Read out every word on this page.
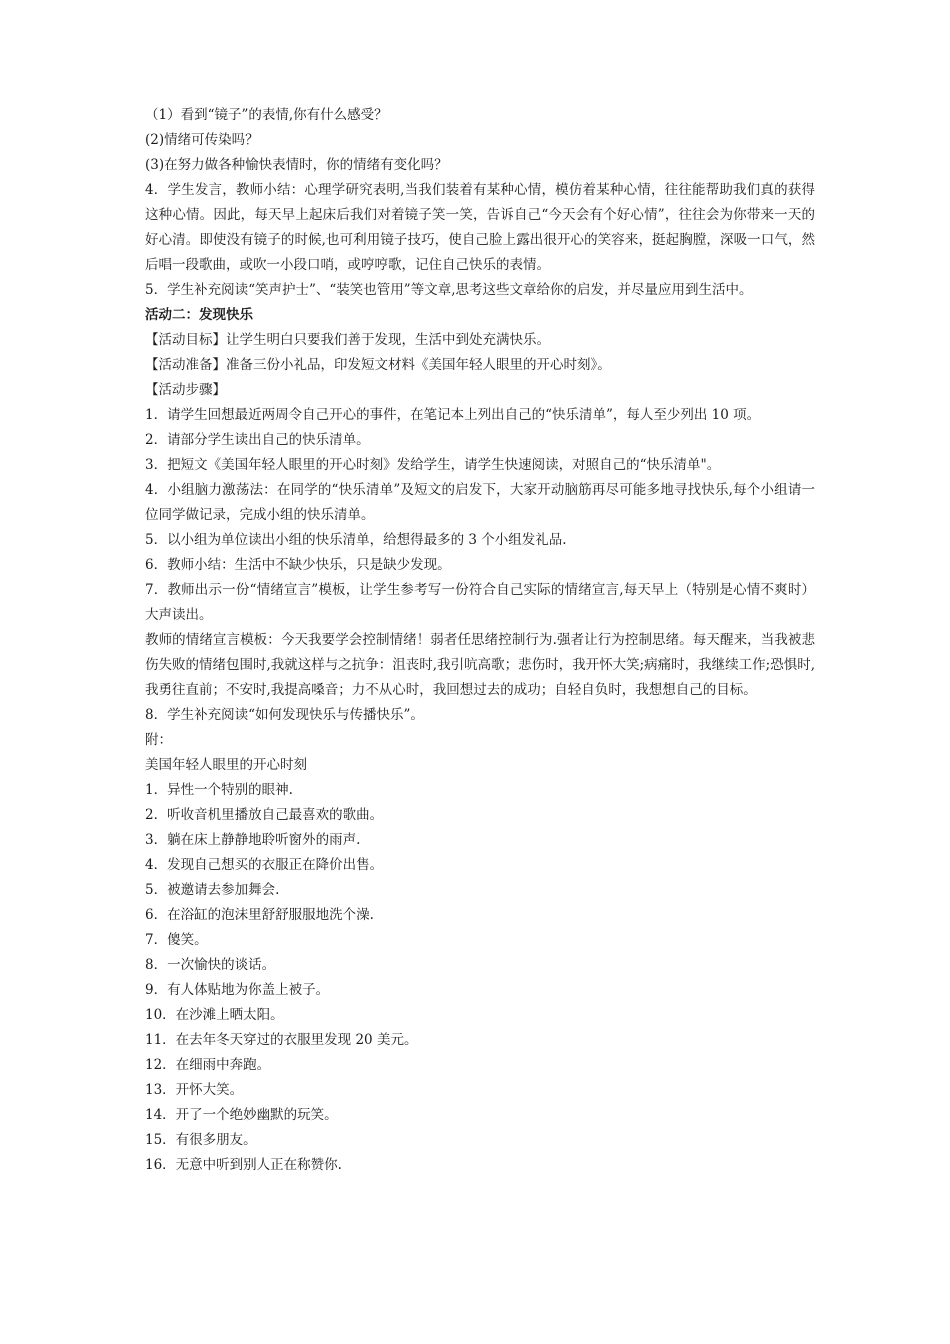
（1）看到“镜子”的表情,你有什么感受？
(2)情绪可传染吗？
(3)在努力做各种愉快表情时，你的情绪有变化吗？
4．学生发言，教师小结：心理学研究表明,当我们装着有某种心情，模仿着某种心情，往往能帮助我们真的获得这种心情。因此，每天早上起床后我们对着镜子笑一笑，告诉自己“今天会有个好心情”，往往会为你带来一天的好心清。即使没有镜子的时候,也可利用镜子技巧，使自己脸上露出很开心的笑容来，挺起胸膛，深吸一口气，然后唱一段歌曲，或吹一小段口哨，或哼哼歌，记住自己快乐的表情。
5．学生补充阅读“笑声护士”、“装笑也管用”等文章,思考这些文章给你的启发，并尽量应用到生活中。
活动二：发现快乐
【活动目标】让学生明白只要我们善于发现，生活中到处充满快乐。
【活动准备】准备三份小礼品，印发短文材料《美国年轻人眼里的开心时刻》。
【活动步骤】
1．请学生回想最近两周令自己开心的事件，在笔记本上列出自己的“快乐清单”，每人至少列出 10 项。
2．请部分学生读出自己的快乐清单。
3．把短文《美国年轻人眼里的开心时刻》发给学生，请学生快速阅读，对照自己的“快乐清单"。
4．小组脑力激荡法：在同学的“快乐清单”及短文的启发下，大家开动脑筋再尽可能多地寻找快乐,每个小组请一位同学做记录，完成小组的快乐清单。
5．以小组为单位读出小组的快乐清单，给想得最多的 3 个小组发礼品.
6．教师小结：生活中不缺少快乐，只是缺少发现。
7．教师出示一份“情绪宣言”模板，让学生参考写一份符合自己实际的情绪宣言,每天早上（特别是心情不爽时）大声读出。
教师的情绪宣言模板：今天我要学会控制情绪！弱者任思绪控制行为.强者让行为控制思绪。每天醒来，当我被悲伤失败的情绪包围时,我就这样与之抗争：沮丧时,我引吭高歌；悲伤时，我开怀大笑;病痛时，我继续工作;恐惧时,我勇往直前；不安时,我提高嗓音；力不从心时，我回想过去的成功；自轻自负时，我想想自己的目标。
8．学生补充阅读“如何发现快乐与传播快乐”。
附：
美国年轻人眼里的开心时刻
1．异性一个特别的眼神.
2．听收音机里播放自己最喜欢的歌曲。
3．躺在床上静静地聆听窗外的雨声.
4．发现自己想买的衣服正在降价出售。
5．被邀请去参加舞会.
6．在浴缸的泡沫里舒舒服服地洗个澡.
7．傻笑。
8．一次愉快的谈话。
9．有人体贴地为你盖上被子。
10．在沙滩上晒太阳。
11．在去年冬天穿过的衣服里发现 20 美元。
12．在细雨中奔跑。
13．开怀大笑。
14．开了一个绝妙幽默的玩笑。
15．有很多朋友。
16．无意中听到别人正在称赞你.
